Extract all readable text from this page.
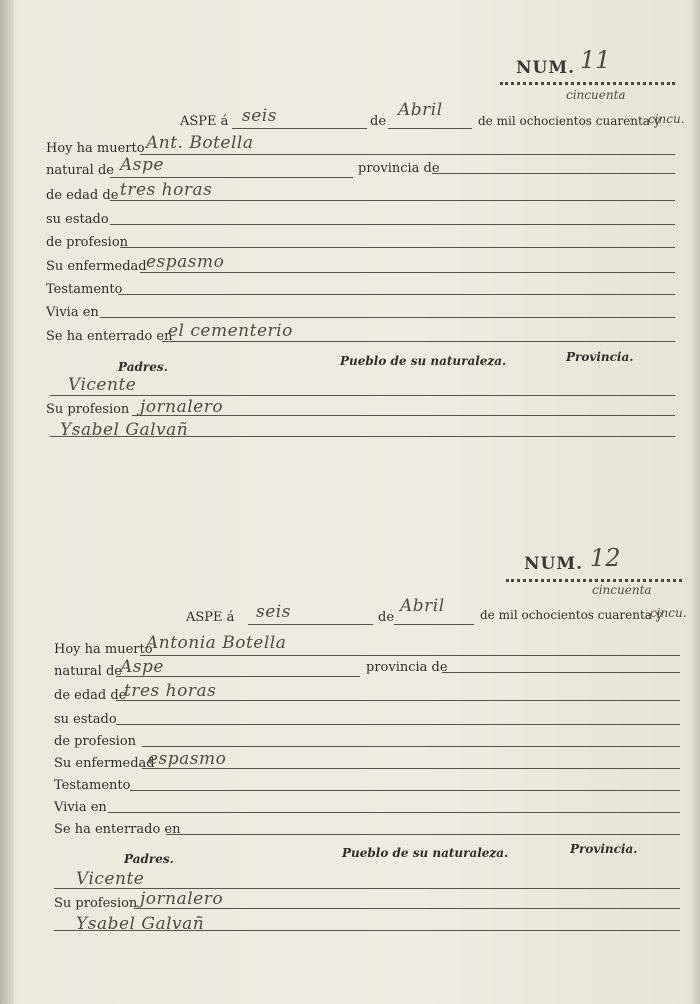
NUM. 11
cincuenta
ASPE á seis	de
Abril
de mil ochocientos cuarenta y
cincu.
Hoy ha muerto Ant. Botella
natural de Aspe	provincia de
de edad de tres horas
su estado
de profesion
Su enfermedad espasmo
Testamento
Vivia en
Se ha enterrado en
el cementerio
Padres.	Pueblo de su naturaleza.	Provincia.
Vicente
Su profesion jornalero
Ysabel Galvañ
NUM. 12
cincuenta
ASPE á seis	de
Abril	de mil ochocientos cuarenta y
cincu.
Hoy ha muerto
Antonia Botella
natural de
Aspe	provincia de
de edad de
tres horas
su estado
de profesion
Su enfermedad
espasmo
Testamento
Vivia en
Se ha enterrado en
Padres.	Pueblo de su naturaleza.	Provincia.
Vicente
Su profesion jornalero
Ysabel Galvañ
